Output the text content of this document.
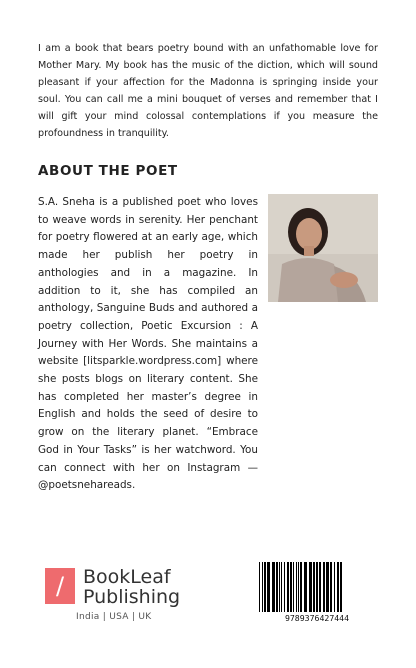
I am a book that bears poetry bound with an unfathomable love for Mother Mary. My book has the music of the diction, which will sound pleasant if your affection for the Madonna is springing inside your soul. You can call me a mini bouquet of verses and remember that I will gift your mind colossal contemplations if you measure the profoundness in tranquility.

ABOUT THE POET

S.A. Sneha is a published poet who loves to weave words in serenity. Her penchant for poetry flowered at an early age, which made her publish her poetry in anthologies and in a magazine. In addition to it, she has compiled an anthology, Sanguine Buds and authored a poetry collection, Poetic Excursion : A Journey with Her Words. She maintains a website [litsparkle.wordpress.com] where she posts blogs on literary content. She has completed her master’s degree in English and holds the seed of desire to grow on the literary planet. “Embrace God in Your Tasks” is her watchword. You can connect with her on Instagram —@poetsnehareads.

/ BookLeaf
Publishing
India | USA | UK	9789376427444
